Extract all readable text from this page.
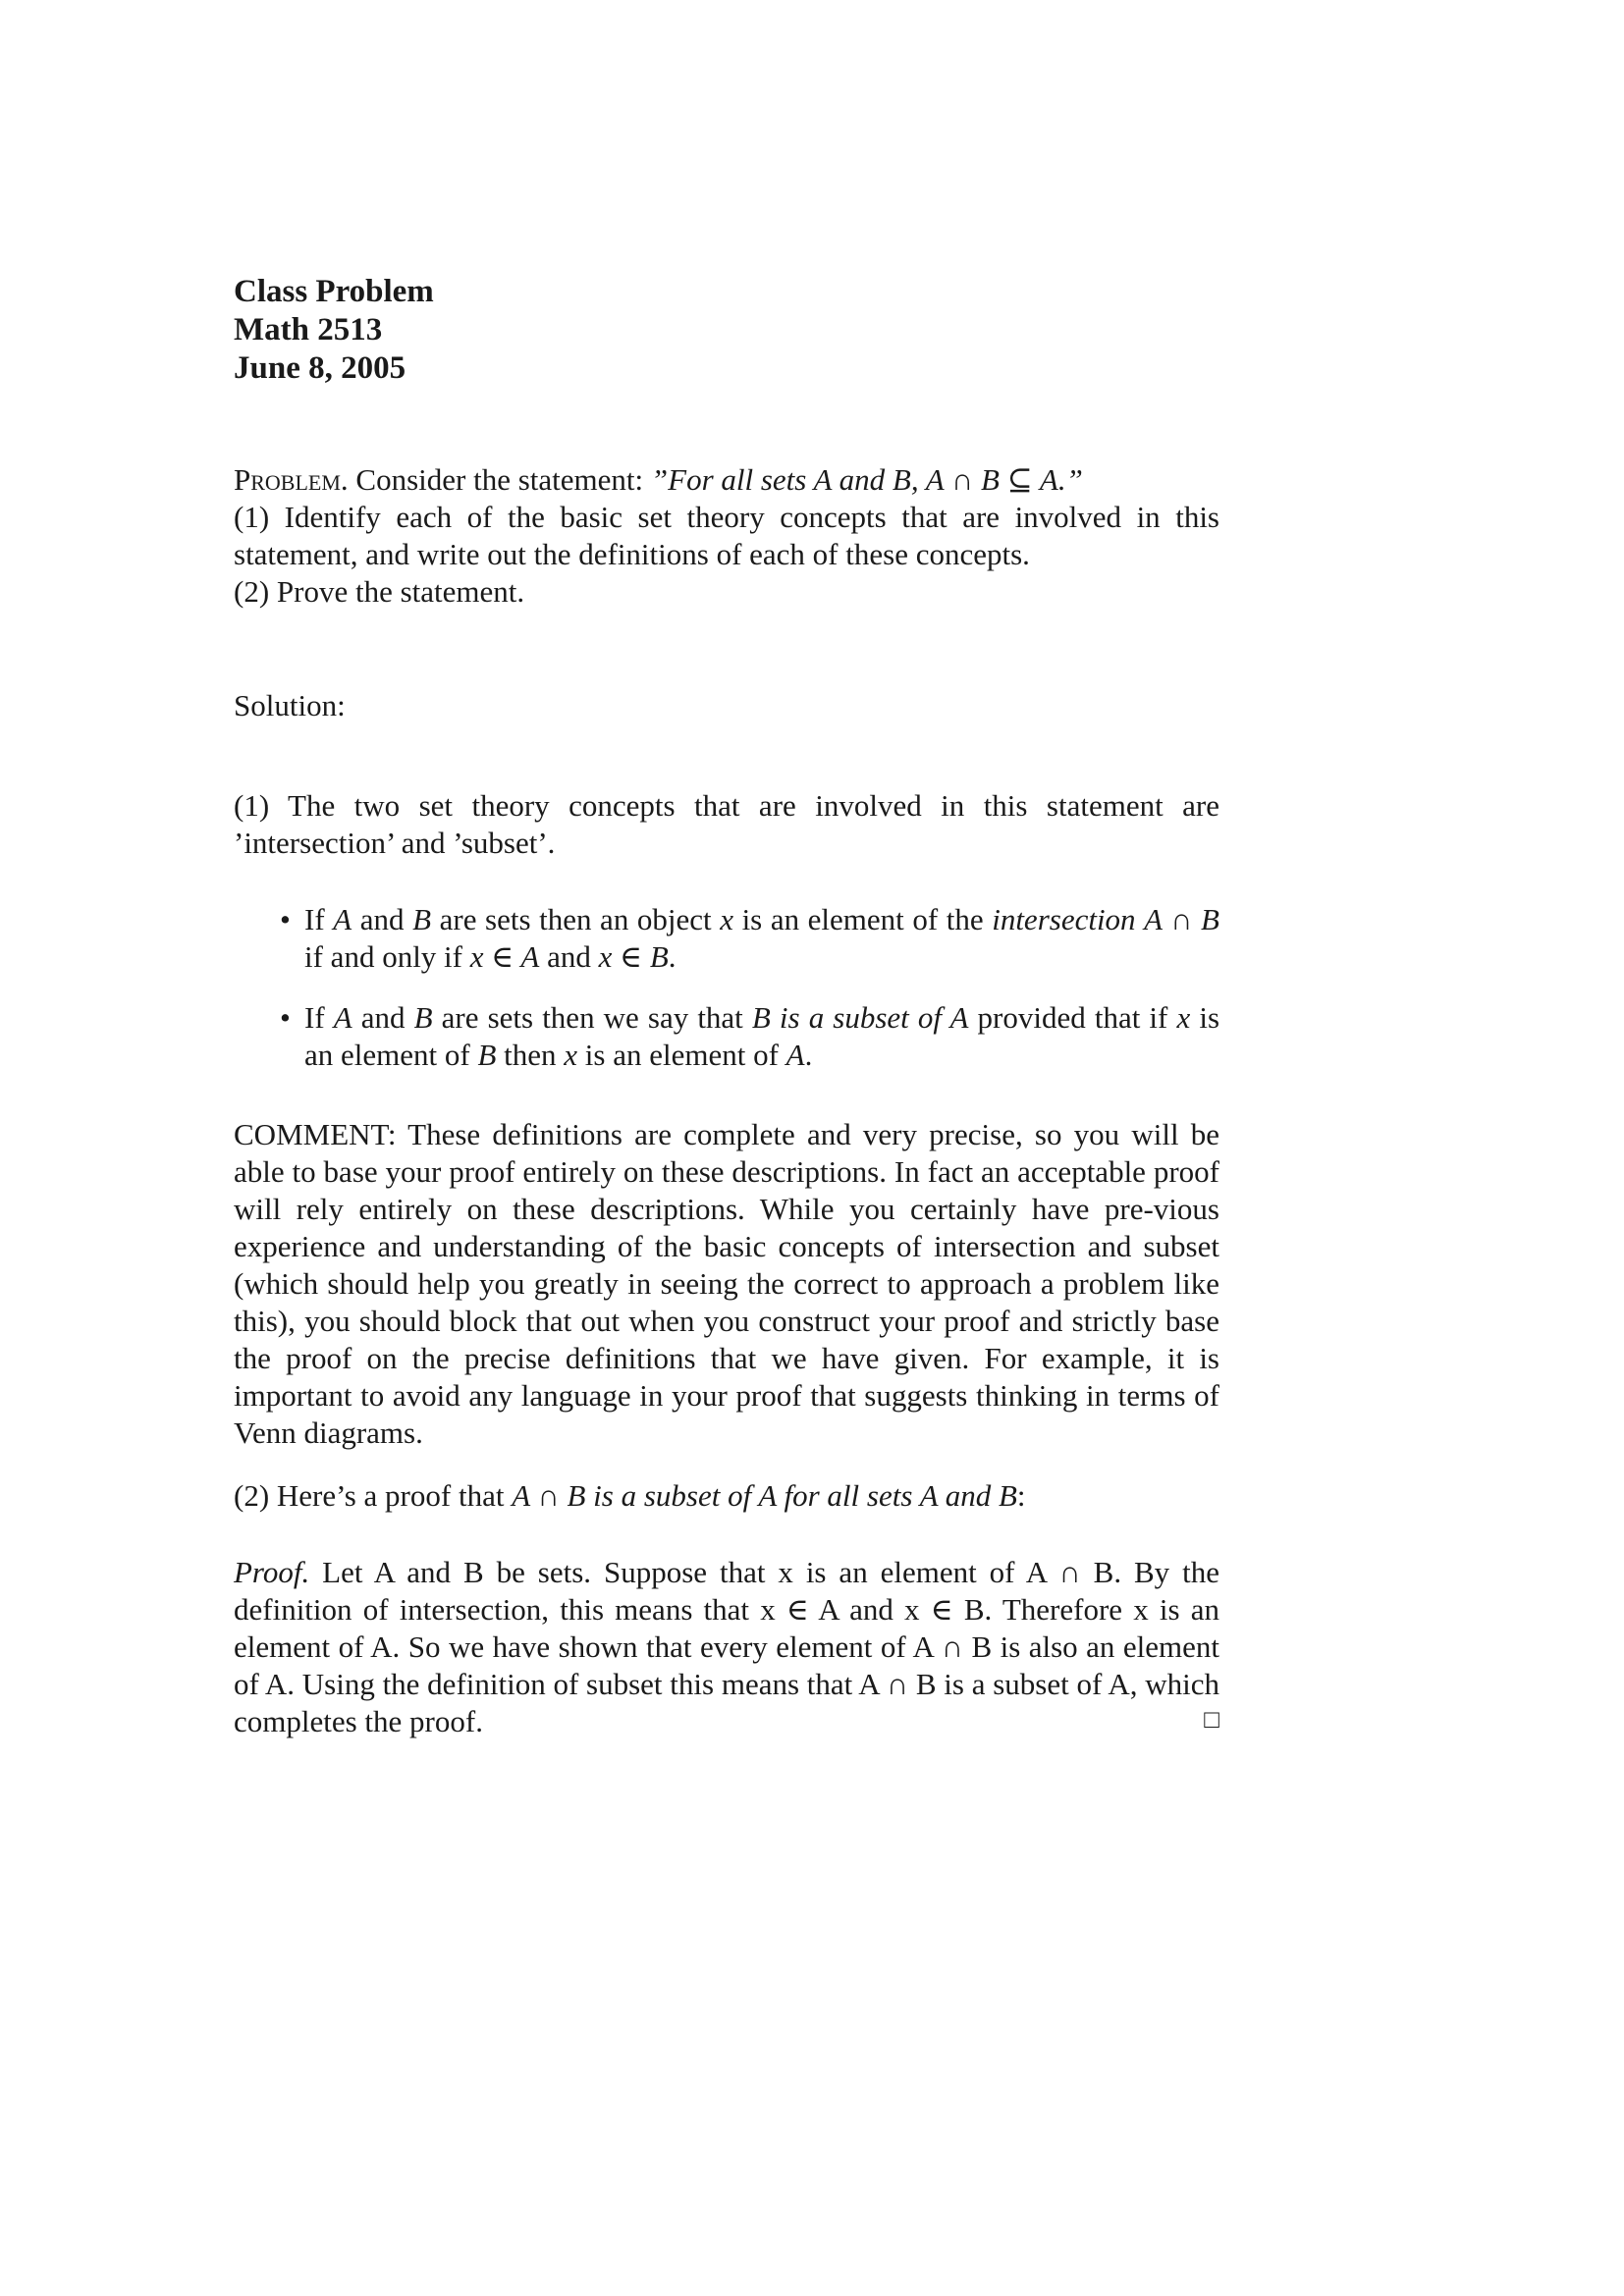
Class Problem
Math 2513
June 8, 2005

Problem. Consider the statement: ”For all sets A and B, A ∩ B ⊆ A.”

(1) Identify each of the basic set theory concepts that are involved in this statement, and write out the definitions of each of these concepts.

(2) Prove the statement.

Solution:

(1) The two set theory concepts that are involved in this statement are ’intersection’ and ’subset’.

• If A and B are sets then an object x is an element of the intersection A ∩ B if and only if x ∈ A and x ∈ B.
• If A and B are sets then we say that B is a subset of A provided that if x is an element of B then x is an element of A.

COMMENT: These definitions are complete and very precise, so you will be able to base your proof entirely on these descriptions. In fact an acceptable proof will rely entirely on these descriptions. While you certainly have pre-vious experience and understanding of the basic concepts of intersection and subset (which should help you greatly in seeing the correct to approach a problem like this), you should block that out when you construct your proof and strictly base the proof on the precise definitions that we have given. For example, it is important to avoid any language in your proof that suggests thinking in terms of Venn diagrams.

(2) Here’s a proof that A ∩ B is a subset of A for all sets A and B:

Proof. Let A and B be sets. Suppose that x is an element of A ∩ B. By the definition of intersection, this means that x ∈ A and x ∈ B. Therefore x is an element of A. So we have shown that every element of A ∩ B is also an element of A. Using the definition of subset this means that A ∩ B is a subset of A, which completes the proof.	□
